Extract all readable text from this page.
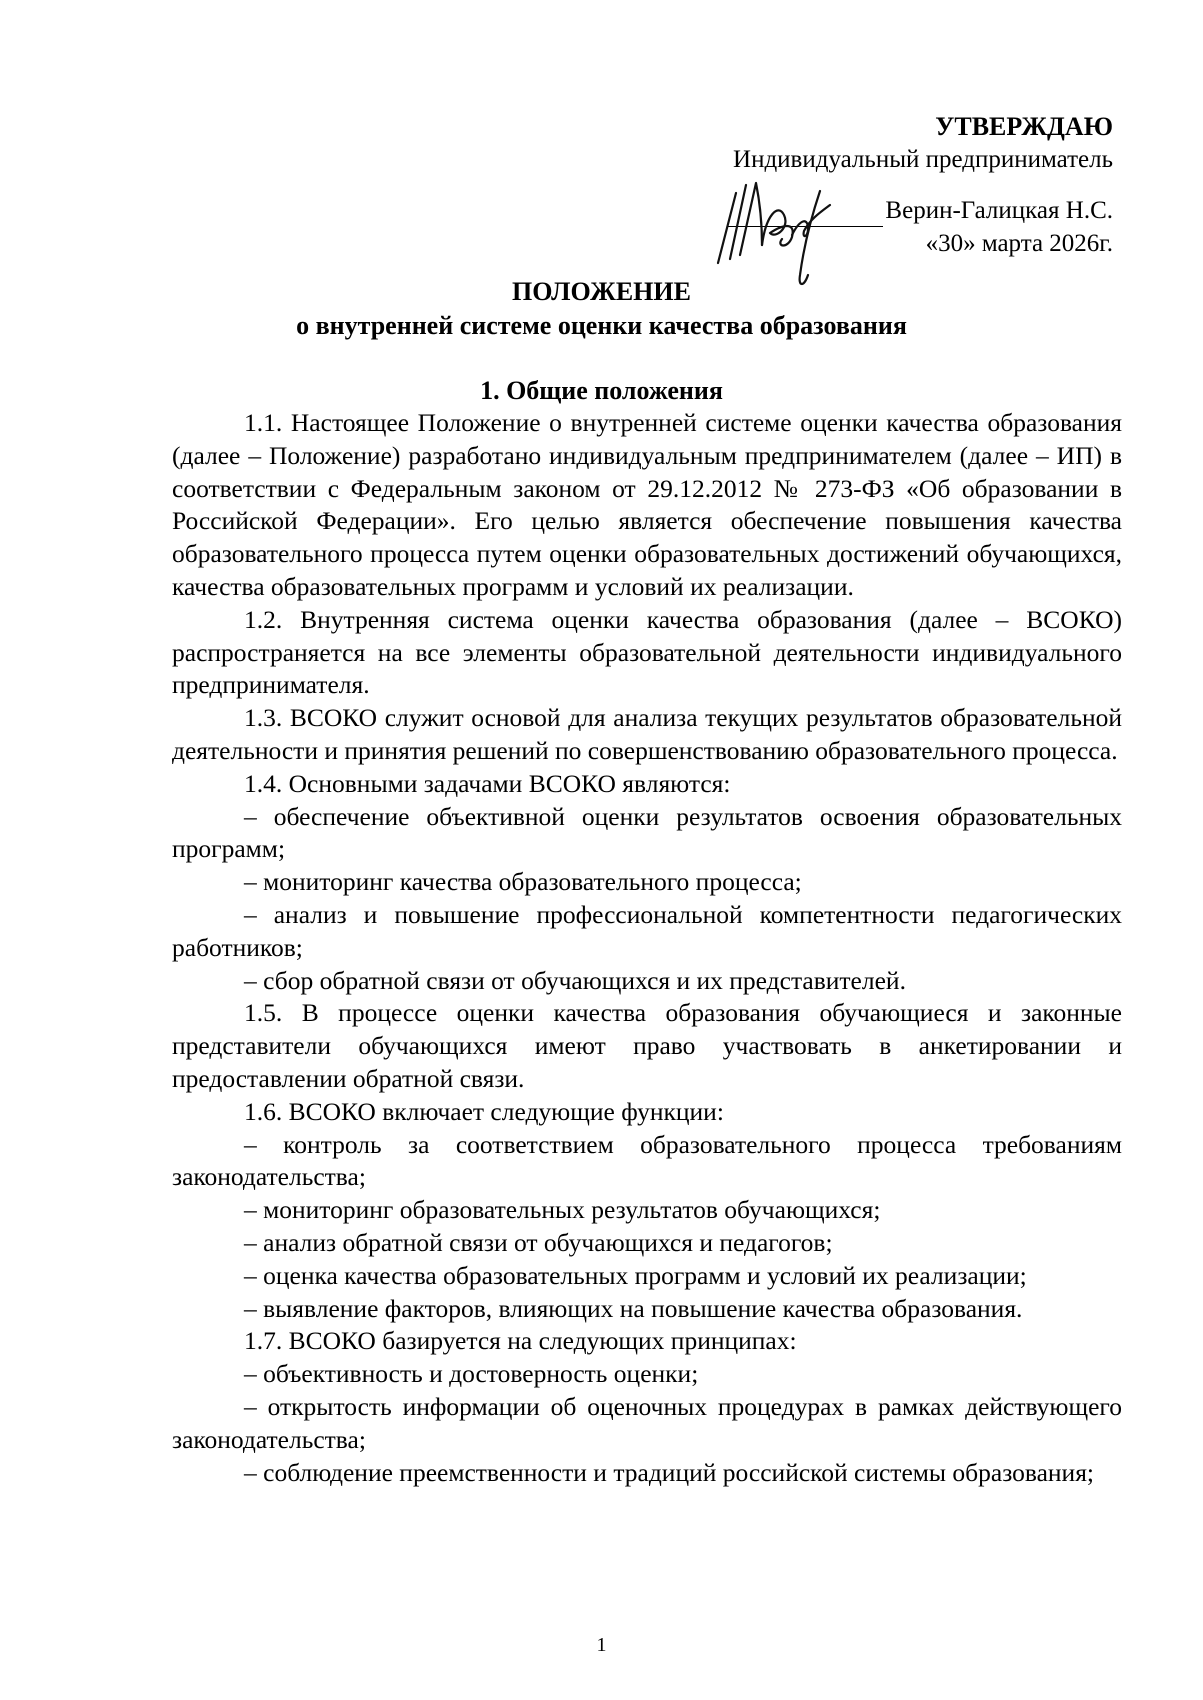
УТВЕРЖДАЮ
Индивидуальный предприниматель
Верин-Галицкая Н.С.
«30» марта 2026г.
ПОЛОЖЕНИЕ
о внутренней системе оценки качества образования
1. Общие положения

1.1. Настоящее Положение о внутренней системе оценки качества образования (далее – Положение) разработано индивидуальным предпринимателем (далее – ИП) в соответствии с Федеральным законом от 29.12.2012 № 273-ФЗ «Об образовании в Российской Федерации». Его целью является обеспечение повышения качества образовательного процесса путем оценки образовательных достижений обучающихся, качества образовательных программ и условий их реализации.

1.2. Внутренняя система оценки качества образования (далее – ВСОКО) распространяется на все элементы образовательной деятельности индивидуального предпринимателя.

1.3. ВСОКО служит основой для анализа текущих результатов образовательной деятельности и принятия решений по совершенствованию образовательного процесса.

1.4. Основными задачами ВСОКО являются:

– обеспечение объективной оценки результатов освоения образовательных программ;

– мониторинг качества образовательного процесса;

– анализ и повышение профессиональной компетентности педагогических работников;

– сбор обратной связи от обучающихся и их представителей.

1.5. В процессе оценки качества образования обучающиеся и законные представители обучающихся имеют право участвовать в анкетировании и предоставлении обратной связи.

1.6. ВСОКО включает следующие функции:

– контроль за соответствием образовательного процесса требованиям законодательства;

– мониторинг образовательных результатов обучающихся;

– анализ обратной связи от обучающихся и педагогов;

– оценка качества образовательных программ и условий их реализации;

– выявление факторов, влияющих на повышение качества образования.

1.7. ВСОКО базируется на следующих принципах:

– объективность и достоверность оценки;

– открытость информации об оценочных процедурах в рамках действующего законодательства;

– соблюдение преемственности и традиций российской системы образования;

1
